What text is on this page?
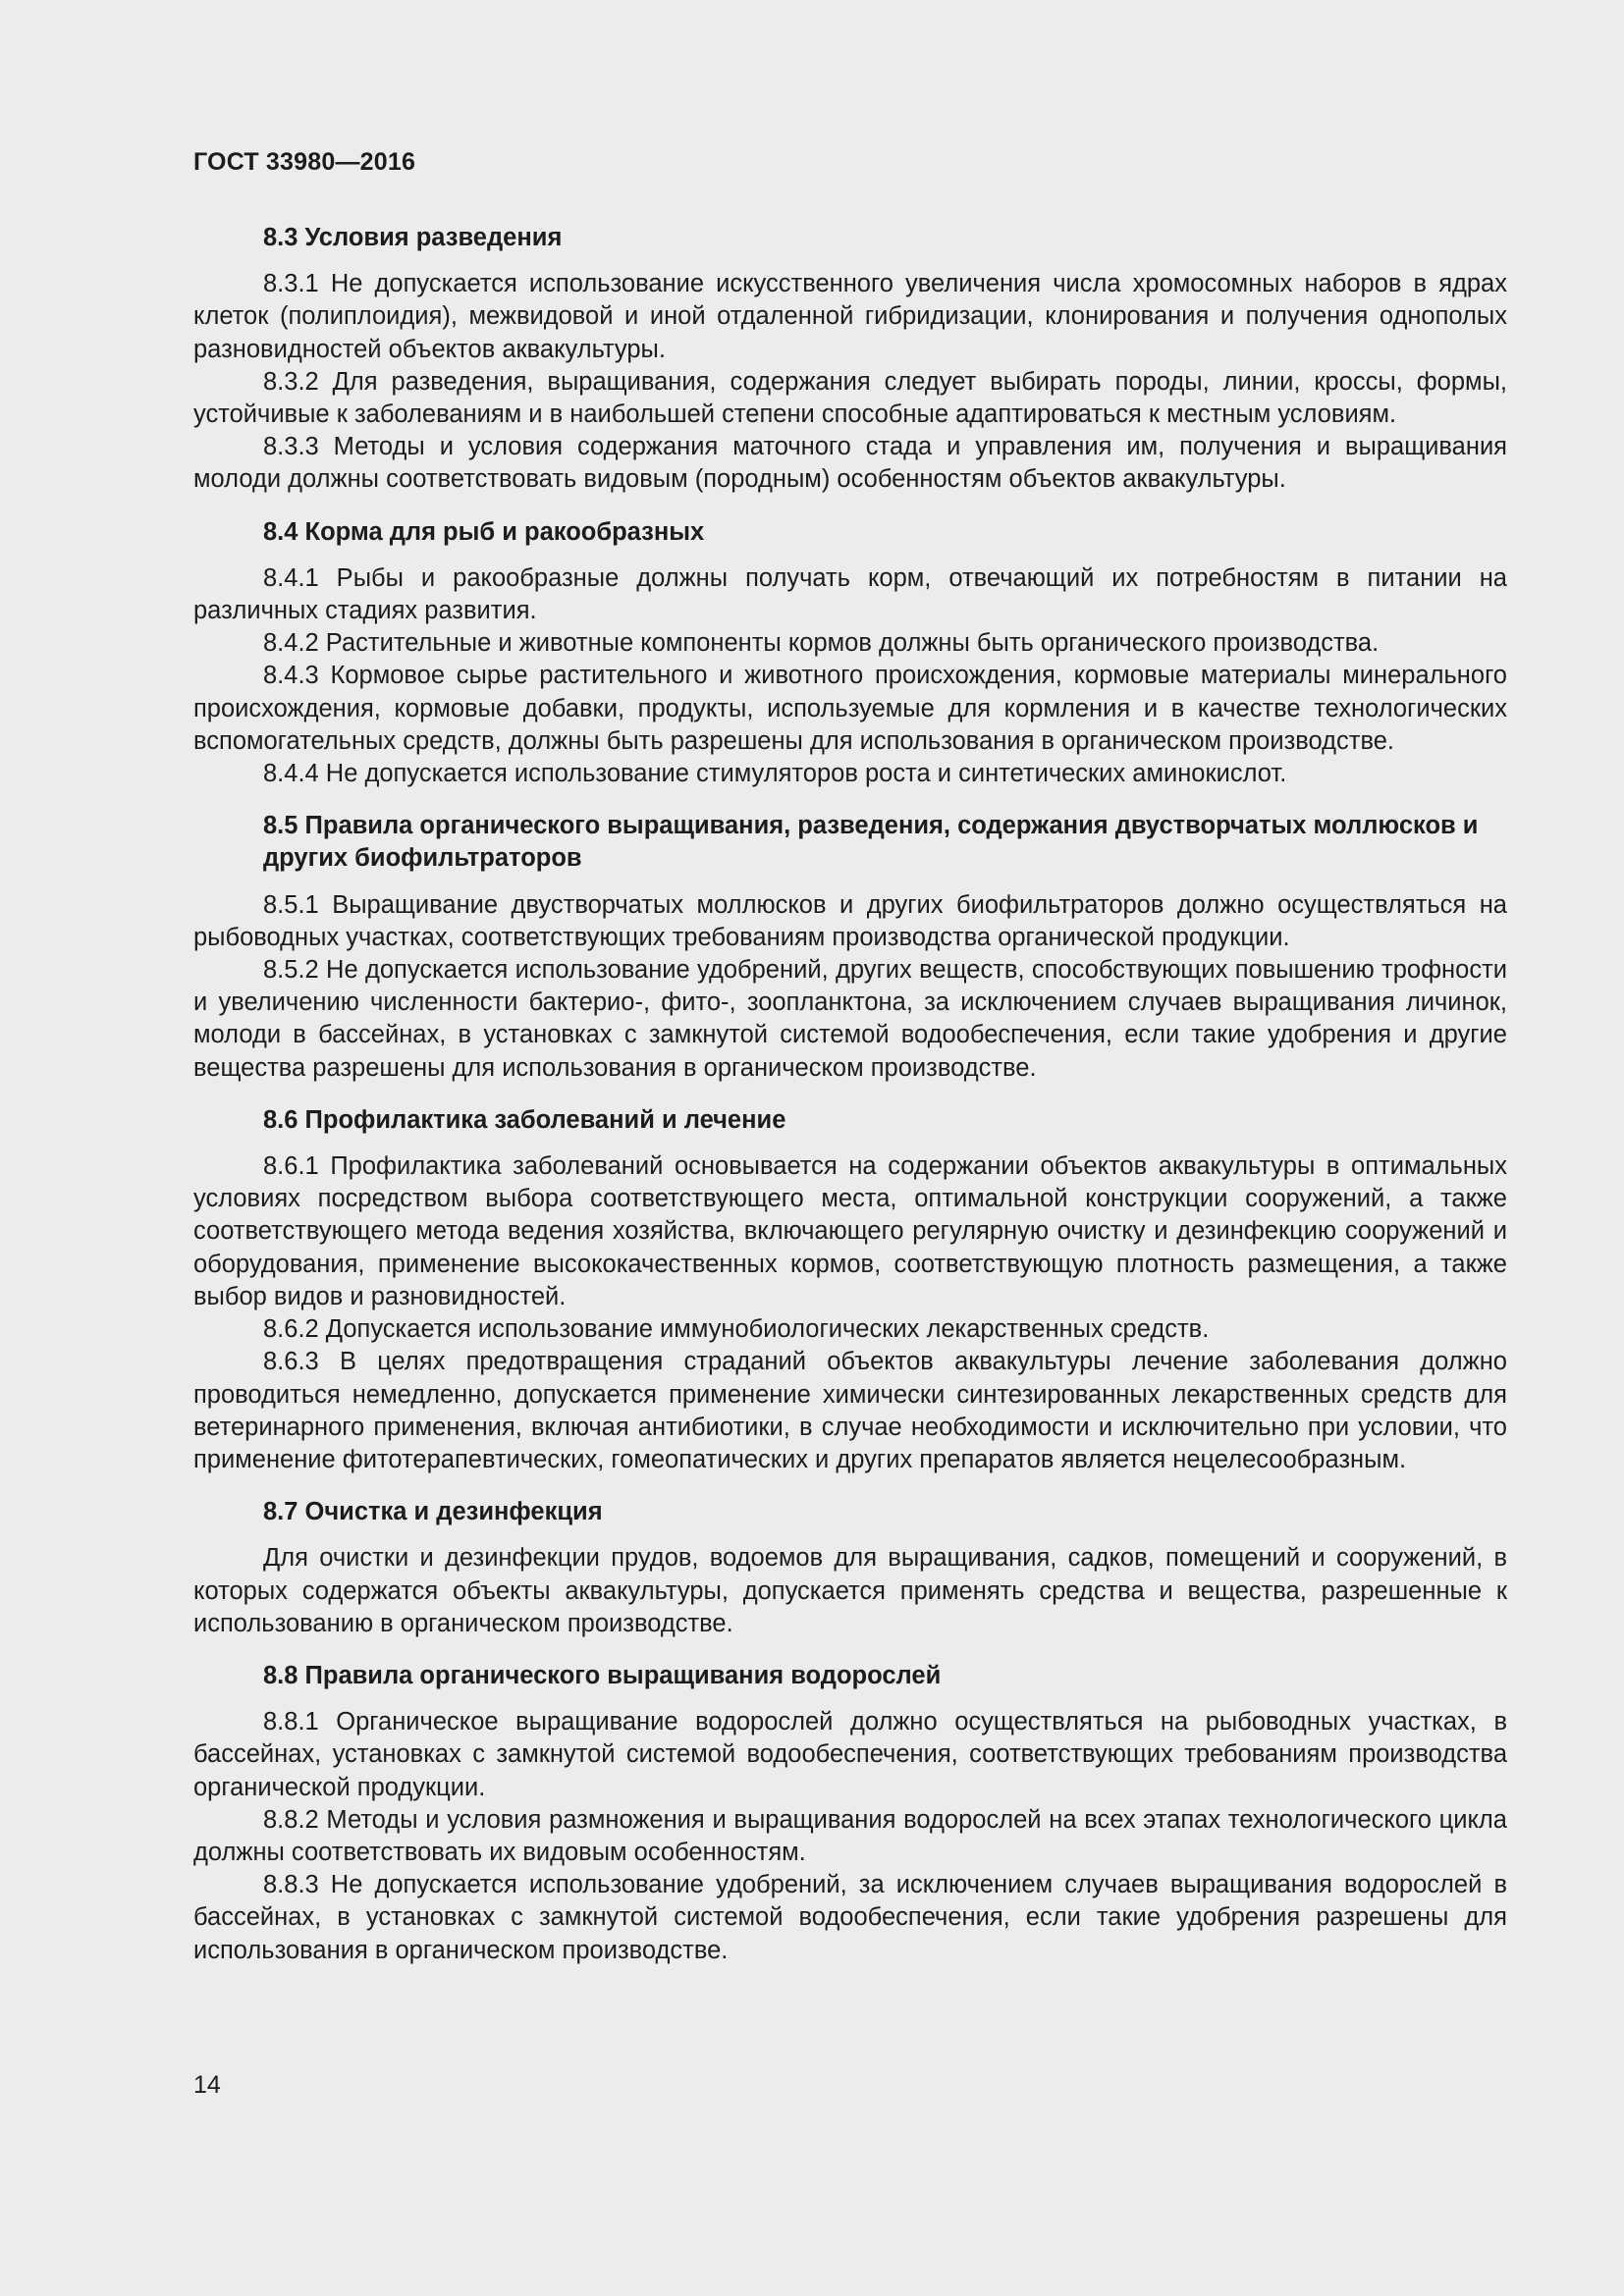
ГОСТ 33980—2016
8.3 Условия разведения

8.3.1 Не допускается использование искусственного увеличения числа хромосомных наборов в ядрах клеток (полиплоидия), межвидовой и иной отдаленной гибридизации, клонирования и получения однополых разновидностей объектов аквакультуры.

8.3.2 Для разведения, выращивания, содержания следует выбирать породы, линии, кроссы, формы, устойчивые к заболеваниям и в наибольшей степени способные адаптироваться к местным условиям.

8.3.3 Методы и условия содержания маточного стада и управления им, получения и выращивания молоди должны соответствовать видовым (породным) особенностям объектов аквакультуры.

8.4 Корма для рыб и ракообразных

8.4.1 Рыбы и ракообразные должны получать корм, отвечающий их потребностям в питании на различных стадиях развития.

8.4.2 Растительные и животные компоненты кормов должны быть органического производства.

8.4.3 Кормовое сырье растительного и животного происхождения, кормовые материалы минерального происхождения, кормовые добавки, продукты, используемые для кормления и в качестве технологических вспомогательных средств, должны быть разрешены для использования в органическом производстве.

8.4.4 Не допускается использование стимуляторов роста и синтетических аминокислот.

8.5 Правила органического выращивания, разведения, содержания двустворчатых моллюсков и других биофильтраторов

8.5.1 Выращивание двустворчатых моллюсков и других биофильтраторов должно осуществляться на рыбоводных участках, соответствующих требованиям производства органической продукции.

8.5.2 Не допускается использование удобрений, других веществ, способствующих повышению трофности и увеличению численности бактерио-, фито-, зоопланктона, за исключением случаев выращивания личинок, молоди в бассейнах, в установках с замкнутой системой водообеспечения, если такие удобрения и другие вещества разрешены для использования в органическом производстве.

8.6 Профилактика заболеваний и лечение

8.6.1 Профилактика заболеваний основывается на содержании объектов аквакультуры в оптимальных условиях посредством выбора соответствующего места, оптимальной конструкции сооружений, а также соответствующего метода ведения хозяйства, включающего регулярную очистку и дезинфекцию сооружений и оборудования, применение высококачественных кормов, соответствующую плотность размещения, а также выбор видов и разновидностей.

8.6.2 Допускается использование иммунобиологических лекарственных средств.

8.6.3 В целях предотвращения страданий объектов аквакультуры лечение заболевания должно проводиться немедленно, допускается применение химически синтезированных лекарственных средств для ветеринарного применения, включая антибиотики, в случае необходимости и исключительно при условии, что применение фитотерапевтических, гомеопатических и других препаратов является нецелесообразным.

8.7 Очистка и дезинфекция

Для очистки и дезинфекции прудов, водоемов для выращивания, садков, помещений и сооружений, в которых содержатся объекты аквакультуры, допускается применять средства и вещества, разрешенные к использованию в органическом производстве.

8.8 Правила органического выращивания водорослей

8.8.1 Органическое выращивание водорослей должно осуществляться на рыбоводных участках, в бассейнах, установках с замкнутой системой водообеспечения, соответствующих требованиям производства органической продукции.

8.8.2 Методы и условия размножения и выращивания водорослей на всех этапах технологического цикла должны соответствовать их видовым особенностям.

8.8.3 Не допускается использование удобрений, за исключением случаев выращивания водорослей в бассейнах, в установках с замкнутой системой водообеспечения, если такие удобрения разрешены для использования в органическом производстве.

14
